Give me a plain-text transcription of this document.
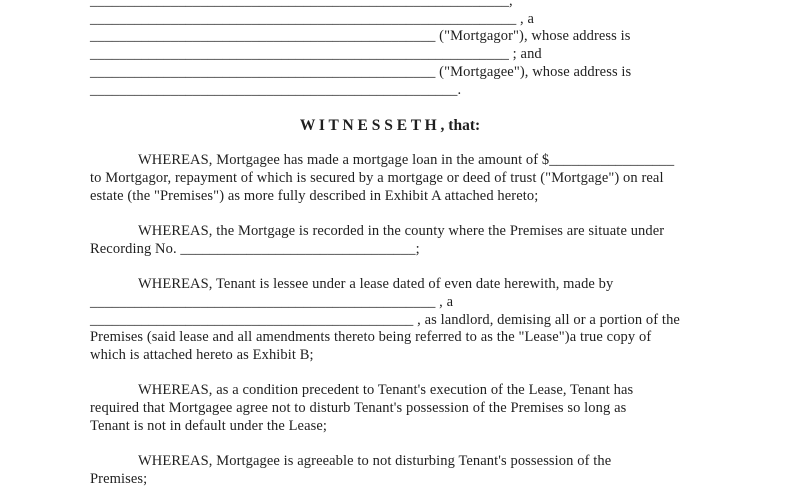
_________________________________________________________,
__________________________________________________________ , a
_______________________________________________ ("Mortgagor"), whose address is
_________________________________________________________ ; and
_______________________________________________ ("Mortgagee"), whose address is
__________________________________________________.
W I T N E S S E T H , that:
WHEREAS, Mortgagee has made a mortgage loan in the amount of $_________________
to Mortgagor, repayment of which is secured by a mortgage or deed of trust ("Mortgage") on real
estate (the "Premises") as more fully described in Exhibit A attached hereto;
WHEREAS, the Mortgage is recorded in the county where the Premises are situate under
Recording No. ________________________________;
WHEREAS, Tenant is lessee under a lease dated of even date herewith, made by
_______________________________________________ , a
____________________________________________ , as landlord, demising all or a portion of the
Premises (said lease and all amendments thereto being referred to as the "Lease")a true copy of
which is attached hereto as Exhibit B;
WHEREAS, as a condition precedent to Tenant's execution of the Lease, Tenant has
required that Mortgagee agree not to disturb Tenant's possession of the Premises so long as
Tenant is not in default under the Lease;
WHEREAS, Mortgagee is agreeable to not disturbing Tenant's possession of the
Premises;
